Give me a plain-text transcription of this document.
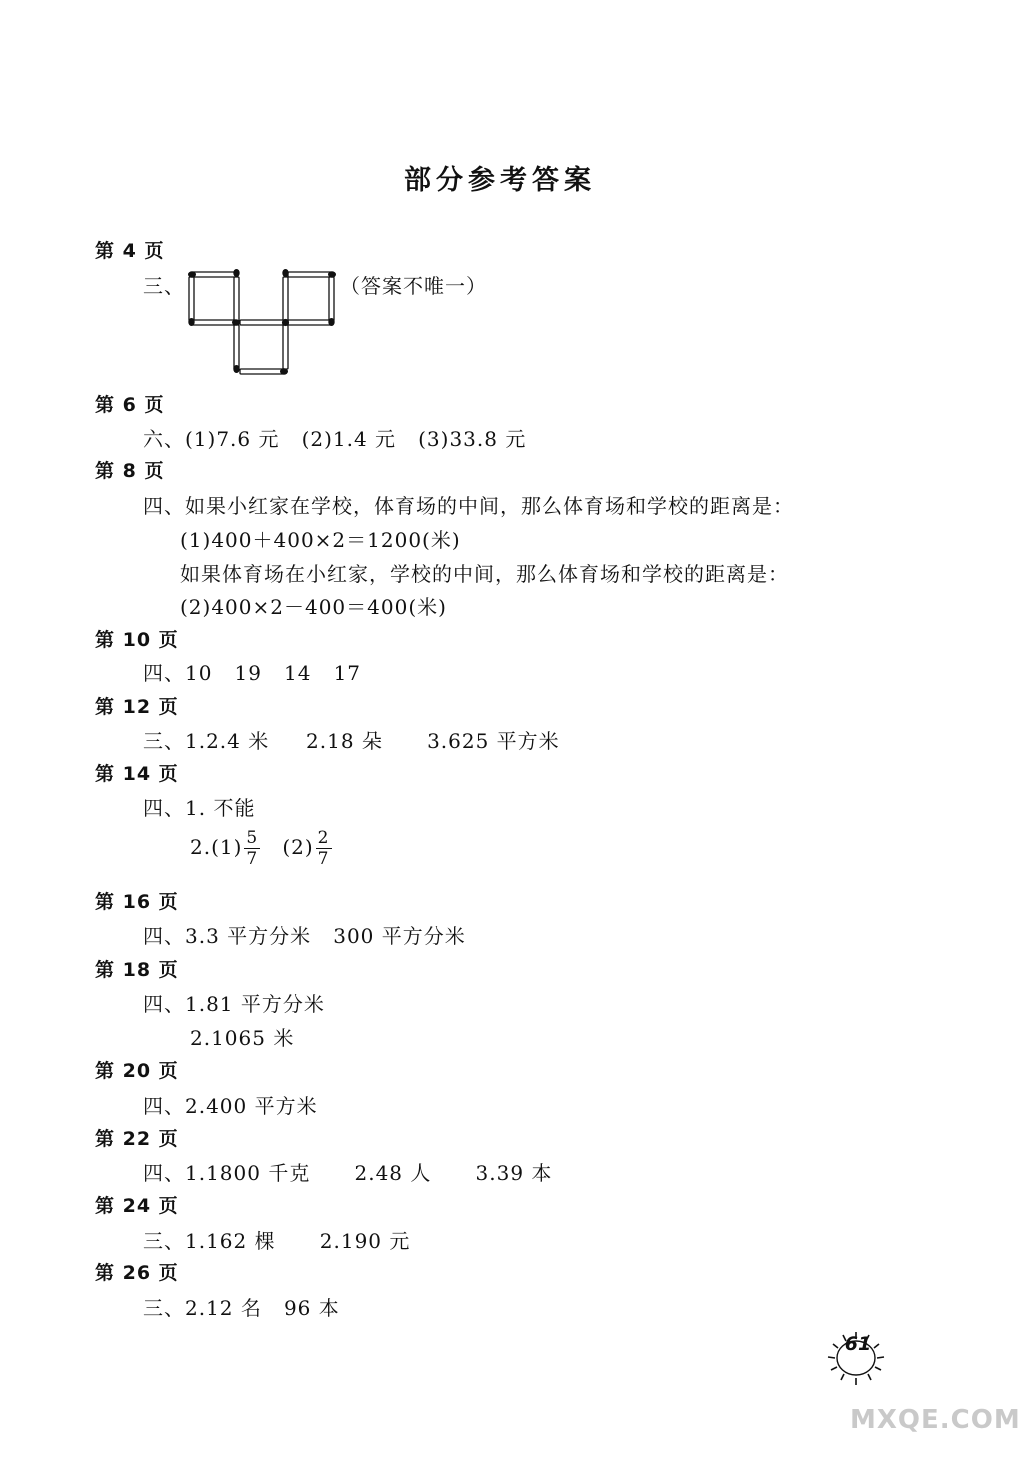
部分参考答案
第 4 页
三、	（答案不唯一）
第 6 页
六、(1)7.6 元   (2)1.4 元   (3)33.8 元
第 8 页
四、如果小红家在学校，体育场的中间，那么体育场和学校的距离是：
(1)400＋400×2＝1200(米)
如果体育场在小红家，学校的中间，那么体育场和学校的距离是：
(2)400×2－400＝400(米)
第 10 页
四、10   19   14   17
第 12 页
三、1.2.4 米     2.18 朵      3.625 平方米
第 14 页
四、1. 不能
$2.(1) \frac{5}{7} (2) \frac{2}{7}$
第 16 页
四、3.3 平方分米   300 平方分米
第 18 页
四、1.81 平方分米
2.1065 米
第 20 页
四、2.400 平方米
第 22 页
四、1.1800 千克      2.48 人      3.39 本
第 24 页
三、1.162 棵      2.190 元
第 26 页
三、2.12 名   96 本
61
MXQE.COM
